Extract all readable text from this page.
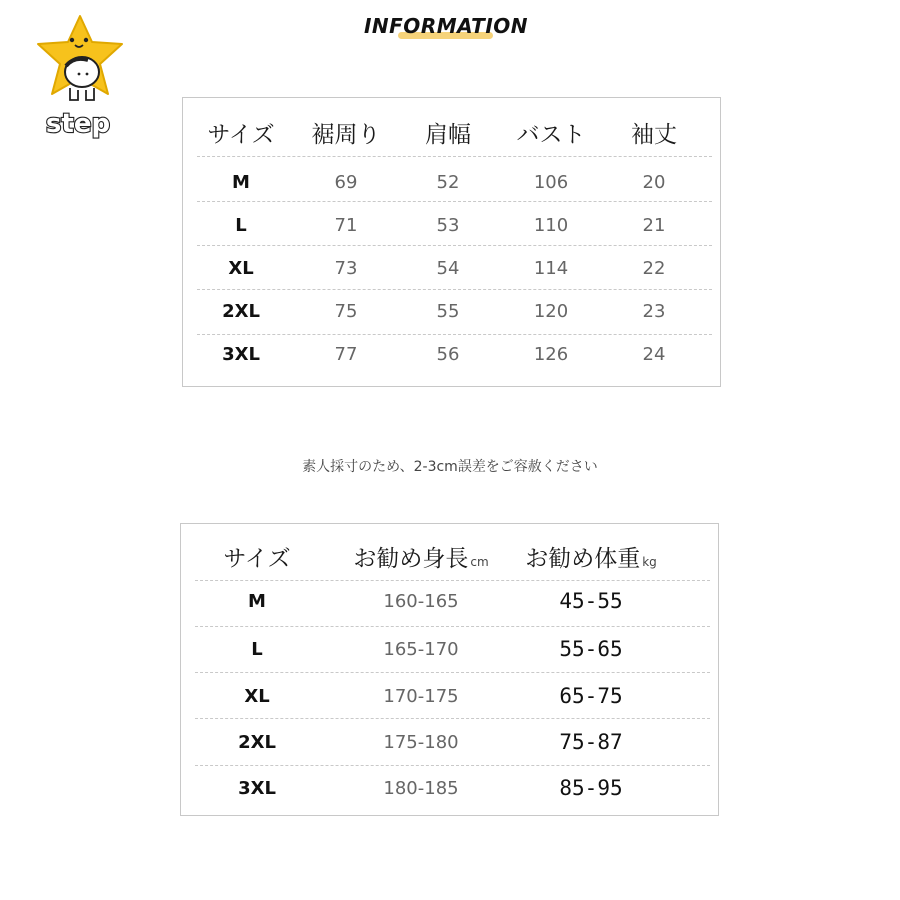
step
INFORMATION
サイズ 裾周り 肩幅 バスト 袖丈
M	69	52	106	20
L	71	53	110	21
XL	73	54	114	22
2XL	75	55	120	23
3XL	77	56	126	24
素人採寸のため、2-3cm誤差をご容赦ください
サイズ	お勧め身長 cm お勧め体重 kg
M	160-165	45-55
L	165-170	55-65
XL	170-175	65-75
2XL	175-180	75-87
3XL	180-185	85-95
